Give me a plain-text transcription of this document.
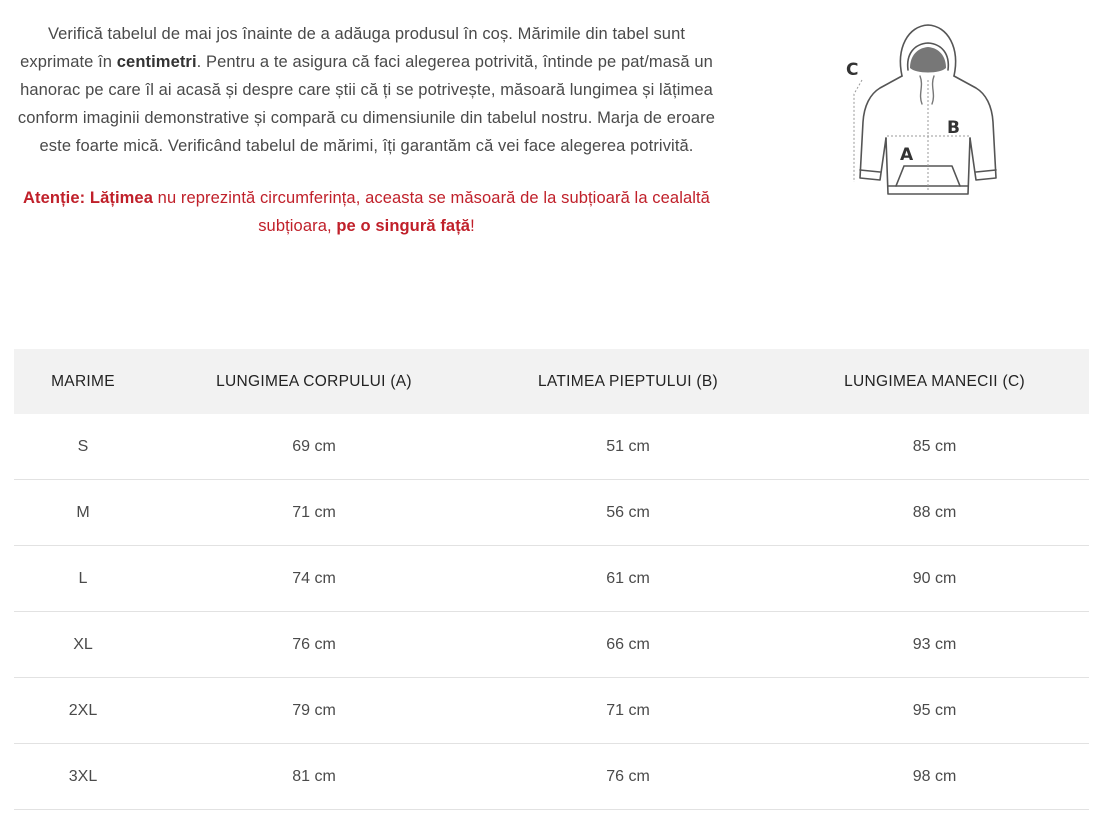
Verifică tabelul de mai jos înainte de a adăuga produsul în coș. Mărimile din tabel sunt exprimate în centimetri. Pentru a te asigura că faci alegerea potrivită, întinde pe pat/masă un hanorac pe care îl ai acasă și despre care știi că ți se potrivește, măsoară lungimea și lățimea conform imaginii demonstrative și compară cu dimensiunile din tabelul nostru. Marja de eroare este foarte mică. Verificând tabelul de mărimi, îți garantăm că vei face alegerea potrivită.

Atenție: Lățimea nu reprezintă circumferința, aceasta se măsoară de la subțioară la cealaltă subțioara, pe o singură față!

C
B
A
MARIME	LUNGIMEA CORPULUI (A)	LATIMEA PIEPTULUI (B)	LUNGIMEA MANECII (C)
S	69 cm	51 cm	85 cm
M	71 cm	56 cm	88 cm
L	74 cm	61 cm	90 cm
XL	76 cm	66 cm	93 cm
2XL	79 cm	71 cm	95 cm
3XL	81 cm	76 cm	98 cm
